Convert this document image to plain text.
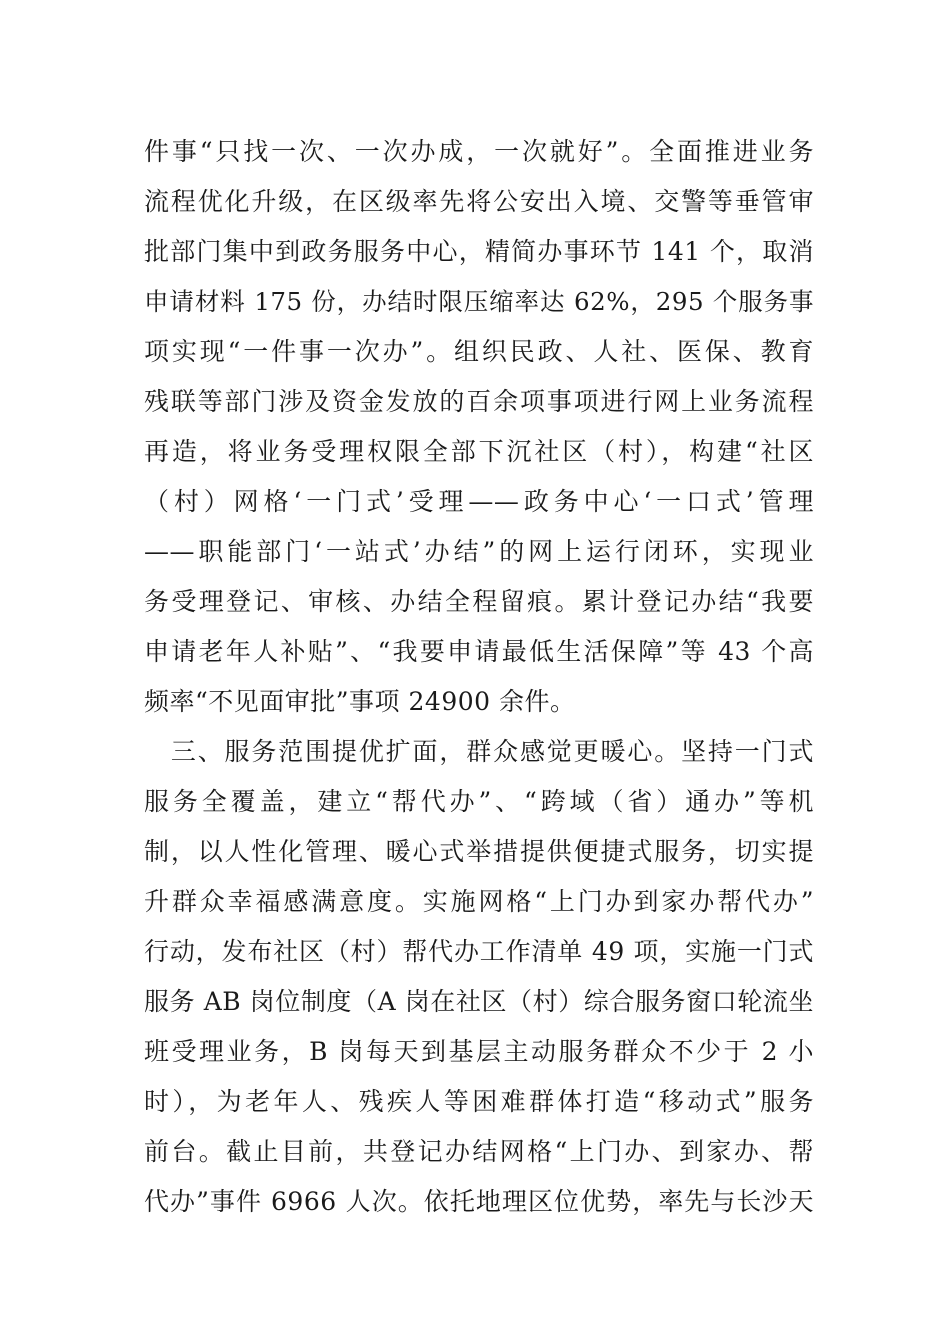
件事“只找一次、一次办成，一次就好”。全面推进业务
流程优化升级，在区级率先将公安出入境、交警等垂管审
批部门集中到政务服务中心，精简办事环节 141 个，取消
申请材料 175 份，办结时限压缩率达 62%，295 个服务事
项实现“一件事一次办”。组织民政、人社、医保、教育
残联等部门涉及资金发放的百余项事项进行网上业务流程
再造，将业务受理权限全部下沉社区（村），构建“社区
（村）网格‘一门式’受理——政务中心‘一口式’管理
——职能部门‘一站式’办结”的网上运行闭环，实现业
务受理登记、审核、办结全程留痕。累计登记办结“我要
申请老年人补贴”、“我要申请最低生活保障”等 43 个高
频率“不见面审批”事项 24900 余件。
　三、服务范围提优扩面，群众感觉更暖心。坚持一门式
服务全覆盖，建立“帮代办”、“跨域（省）通办”等机
制，以人性化管理、暖心式举措提供便捷式服务，切实提
升群众幸福感满意度。实施网格“上门办到家办帮代办”
行动，发布社区（村）帮代办工作清单 49 项，实施一门式
服务 AB 岗位制度（A 岗在社区（村）综合服务窗口轮流坐
班受理业务，B 岗每天到基层主动服务群众不少于 2 小
时），为老年人、残疾人等困难群体打造“移动式”服务
前台。截止目前，共登记办结网格“上门办、到家办、帮
代办”事件 6966 人次。依托地理区位优势，率先与长沙天
